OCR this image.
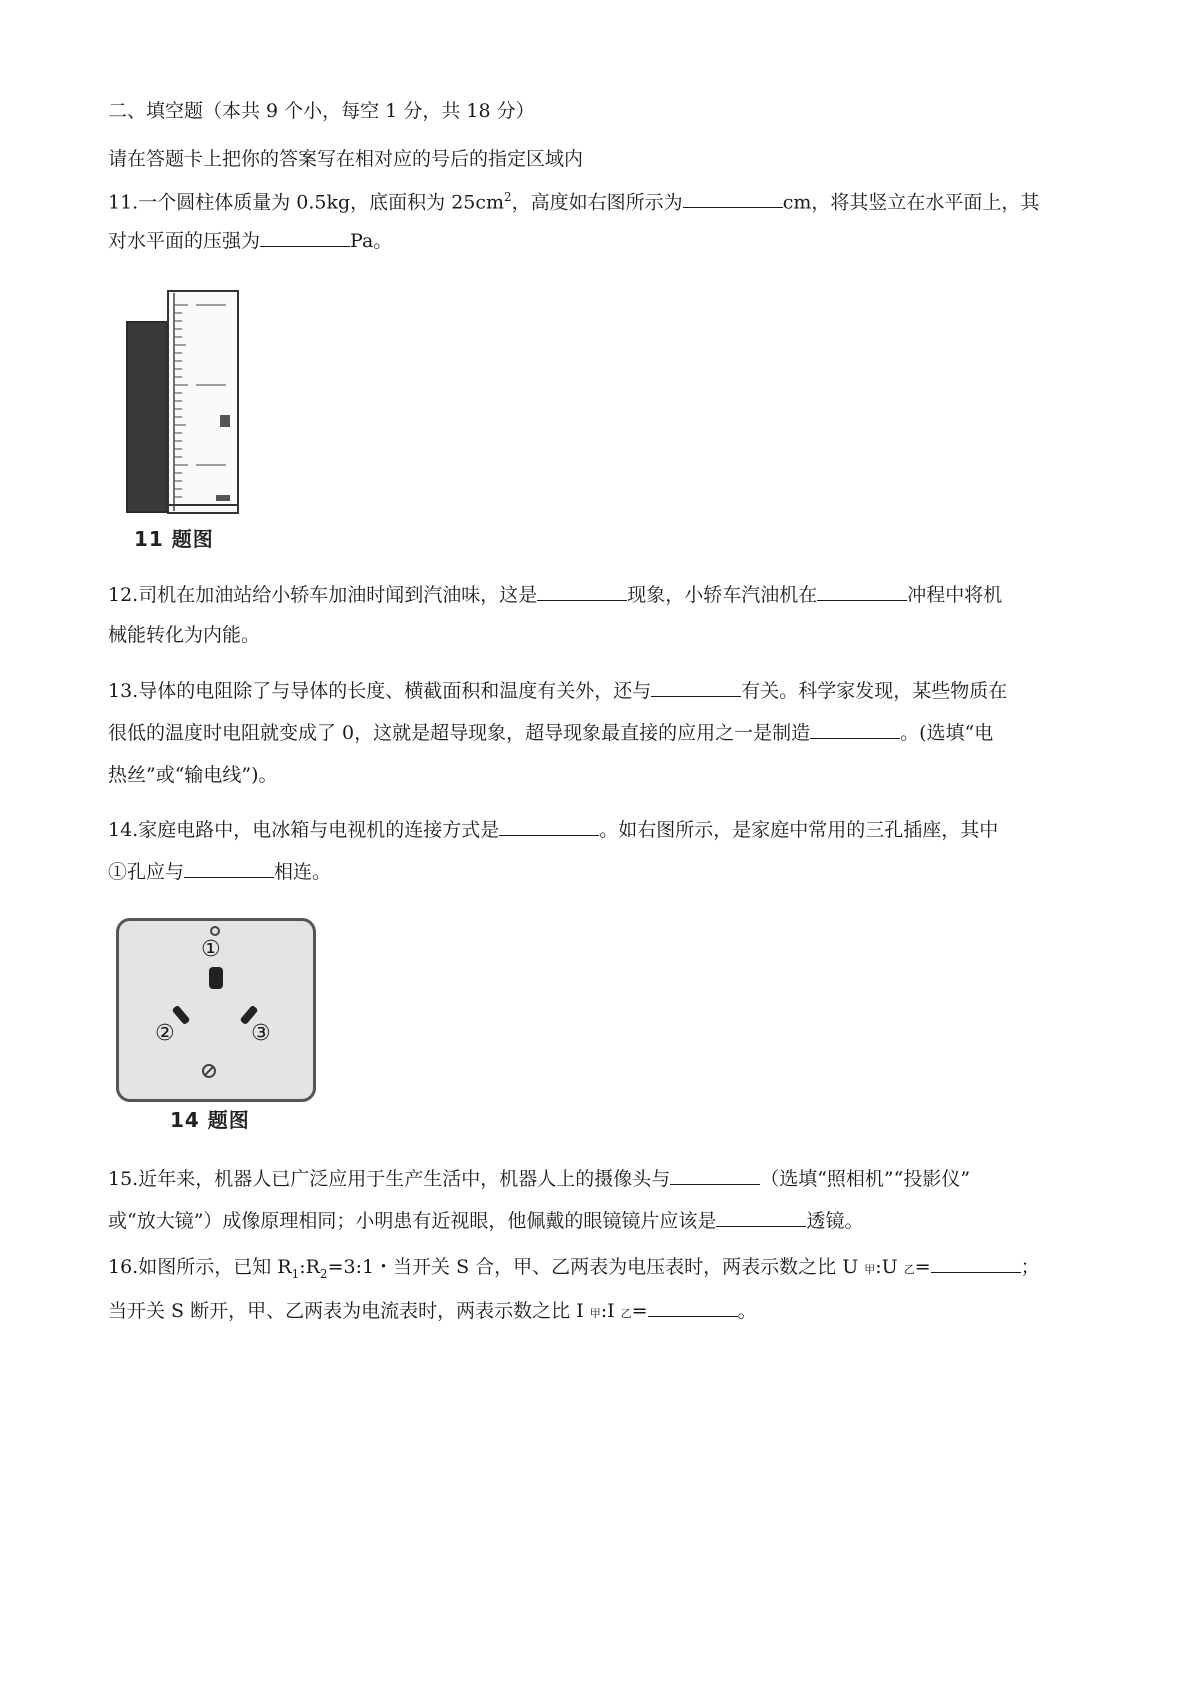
二、填空题（本共 9 个小，每空 1 分，共 18 分）
请在答题卡上把你的答案写在相对应的号后的指定区域内
11.一个圆柱体质量为 0.5kg，底面积为 $25cm^2$，高度如右图所示为	cm，将其竖立在水平面上，其
对水平面的压强为	Pa。
11 题图
12.司机在加油站给小轿车加油时闻到汽油味，这是	现象，小轿车汽油机在	冲程中将机
械能转化为内能。
13.导体的电阻除了与导体的长度、横截面积和温度有关外，还与	有关。科学家发现，某些物质在
很低的温度时电阻就变成了 0，这就是超导现象，超导现象最直接的应用之一是制造	。(选填“电
热丝”或“输电线”)。
14.家庭电路中，电冰箱与电视机的连接方式是	。如右图所示，是家庭中常用的三孔插座，其中
①孔应与	相连。
①
②	③
14 题图
15.近年来，机器人已广泛应用于生产生活中，机器人上的摄像头与	（选填“照相机”“投影仪”
或“放大镜”）成像原理相同；小明患有近视眼，他佩戴的眼镜镜片应该是	透镜。
16.如图所示，已知 $R_1:R_2=3:1$・当开关 S 合，甲、乙两表为电压表时，两表示数之比 U 甲:U 乙=	；
当开关 S 断开，甲、乙两表为电流表时，两表示数之比 I 甲:I 乙=	。
